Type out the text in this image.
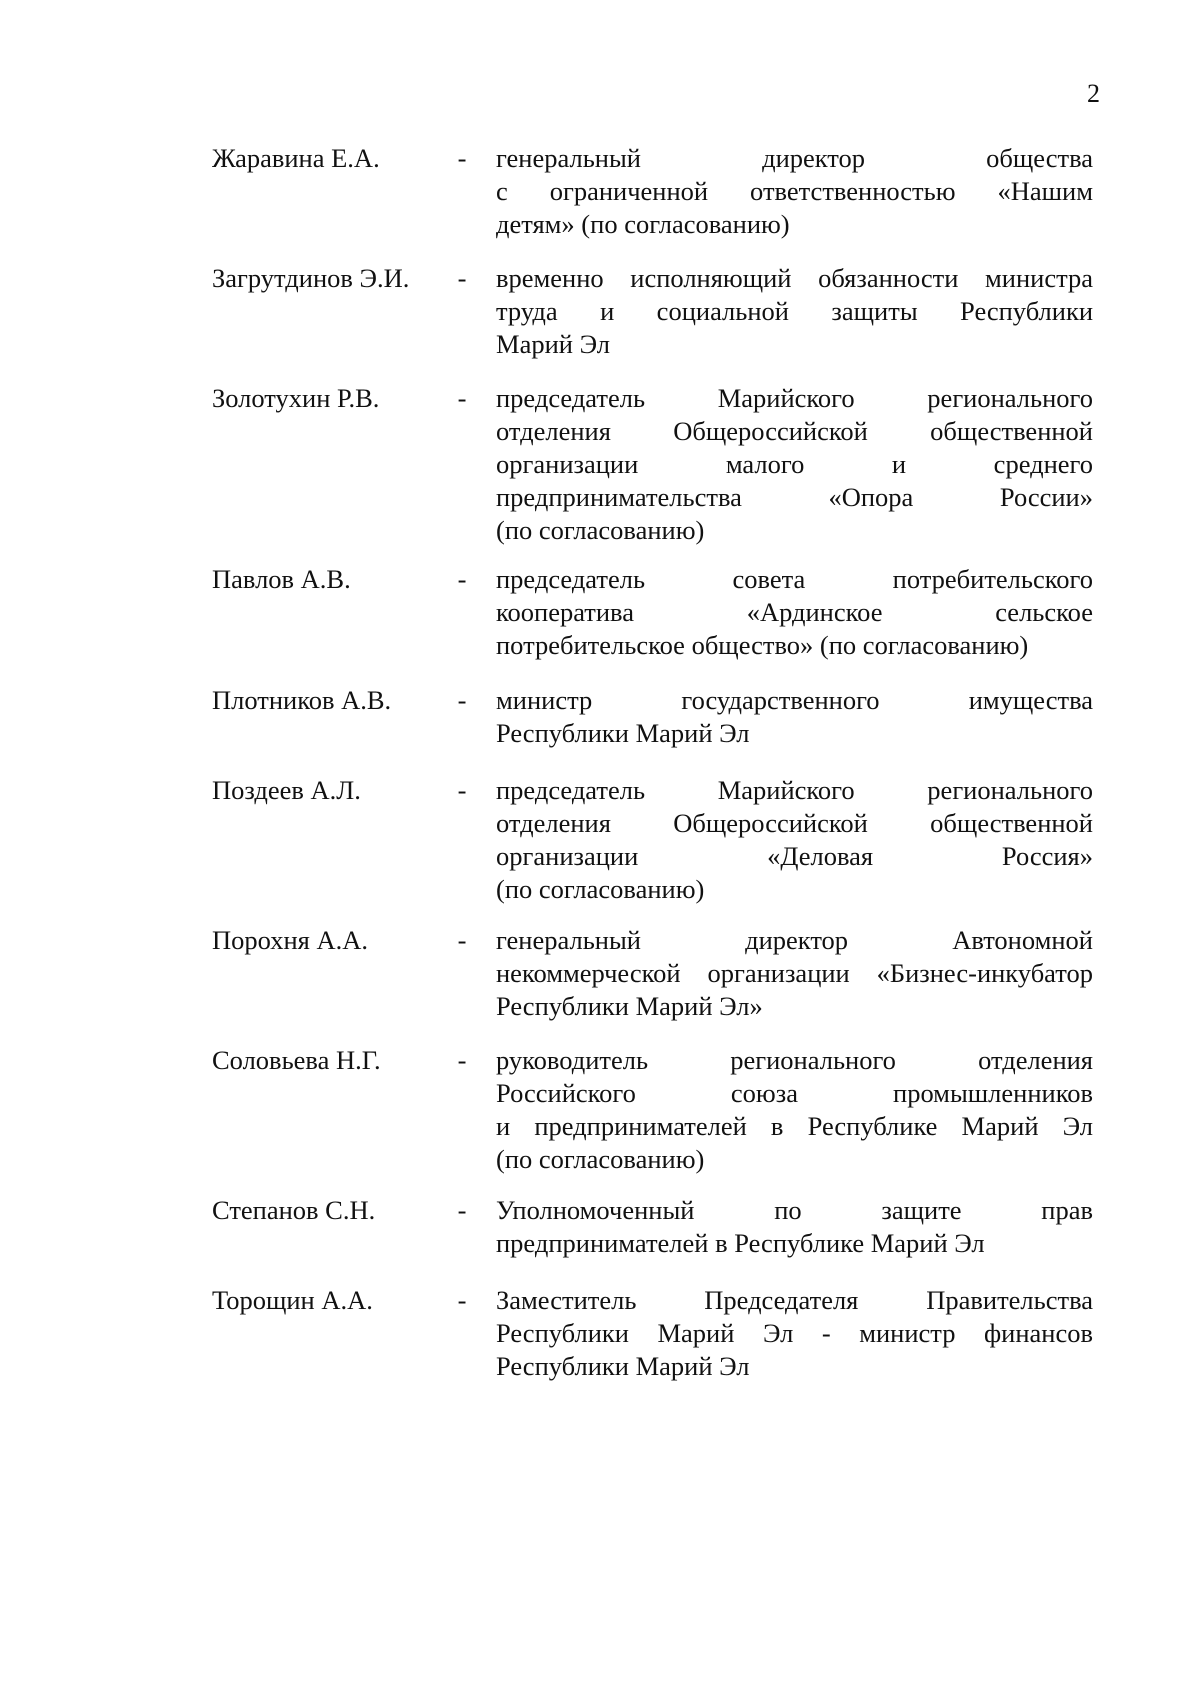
2
Жаравина Е.А.	- генеральный директор общества
с ограниченной ответственностью «Нашим
детям» (по согласованию)
Загрутдинов Э.И.	- временно исполняющий обязанности министра
труда и социальной защиты Республики
Марий Эл
Золотухин Р.В.	- председатель Марийского регионального
отделения Общероссийской общественной
организации малого и среднего
предпринимательства «Опора России»
(по согласованию)
Павлов А.В.	- председатель совета потребительского
кооператива «Ардинское сельское
потребительское общество» (по согласованию)
Плотников А.В.	- министр государственного имущества
Республики Марий Эл
Поздеев А.Л.	- председатель Марийского регионального
отделения Общероссийской общественной
организации «Деловая Россия»
(по согласованию)
Порохня А.А.	- генеральный директор Автономной
некоммерческой организации «Бизнес-инкубатор
Республики Марий Эл»
Соловьева Н.Г.	- руководитель регионального отделения
Российского союза промышленников
и предпринимателей в Республике Марий Эл
(по согласованию)
Степанов С.Н.	- Уполномоченный по защите прав
предпринимателей в Республике Марий Эл
Торощин А.А.	- Заместитель Председателя Правительства
Республики Марий Эл - министр финансов
Республики Марий Эл
